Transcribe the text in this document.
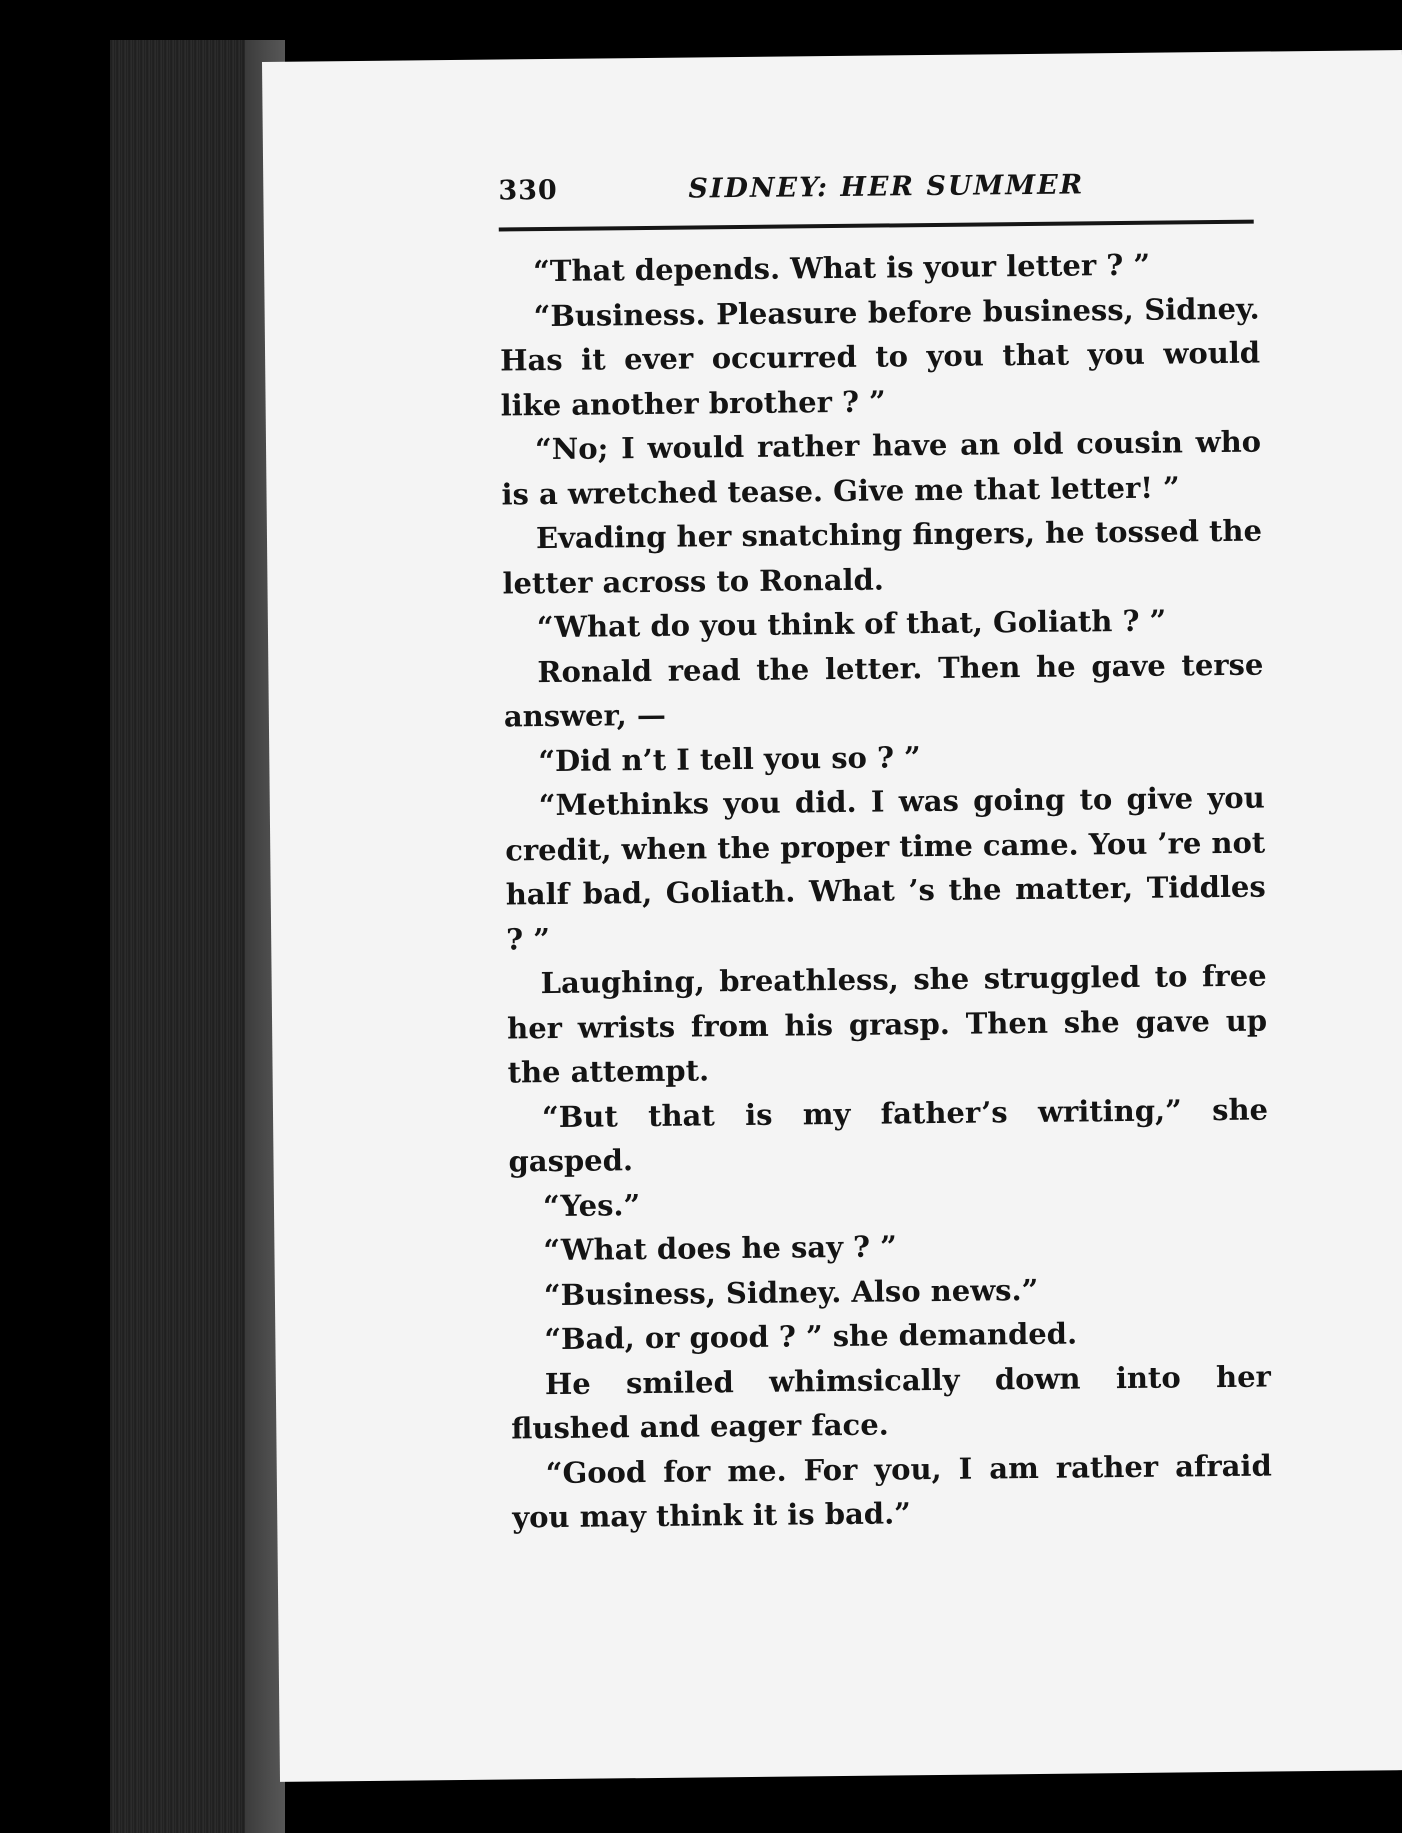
330	SIDNEY: HER SUMMER

“That depends. What is your letter ? ”

“Business. Pleasure before business, Sidney. Has it ever occurred to you that you would like another brother ? ”

“No; I would rather have an old cousin who is a wretched tease. Give me that letter! ”

Evading her snatching fingers, he tossed the letter across to Ronald.

“What do you think of that, Goliath ? ”

Ronald read the letter. Then he gave terse answer, —

“Did n’t I tell you so ? ”

“Methinks you did. I was going to give you credit, when the proper time came. You ’re not half bad, Goliath. What ’s the matter, Tiddles ? ”

Laughing, breathless, she struggled to free her wrists from his grasp. Then she gave up the attempt.

“But that is my father’s writing,” she gasped.

“Yes.”

“What does he say ? ”

“Business, Sidney. Also news.”

“Bad, or good ? ” she demanded.

He smiled whimsically down into her flushed and eager face.

“Good for me. For you, I am rather afraid you may think it is bad.”
